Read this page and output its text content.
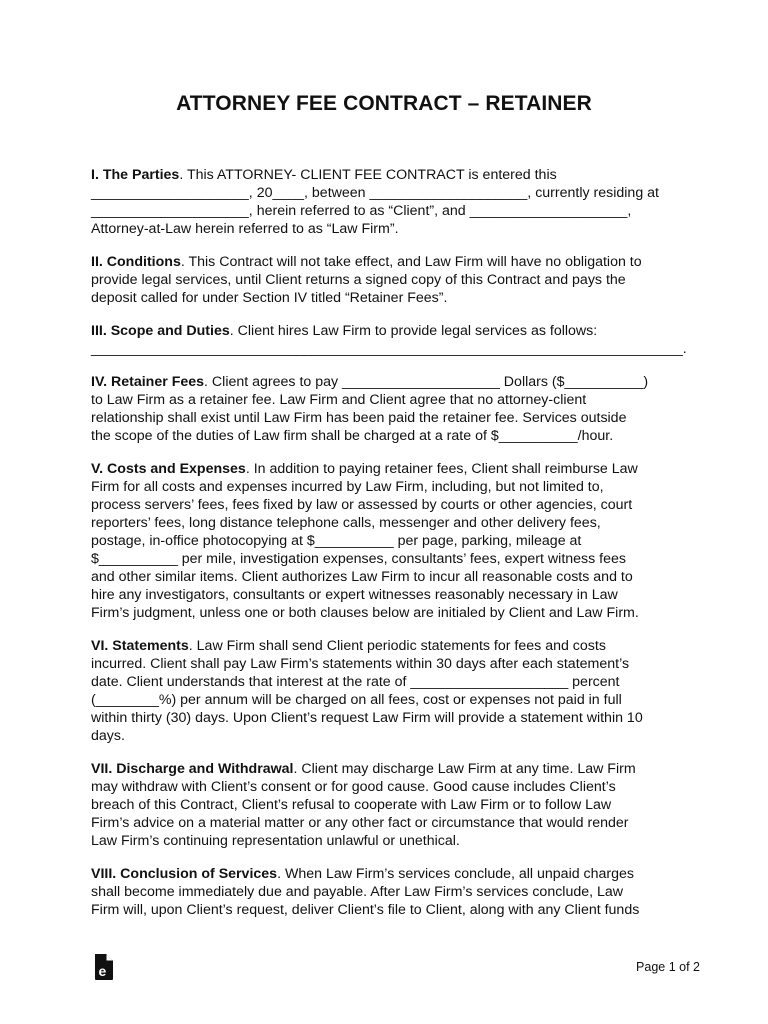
ATTORNEY FEE CONTRACT – RETAINER
I. The Parties. This ATTORNEY- CLIENT FEE CONTRACT is entered this
____________________, 20____, between ____________________, currently residing at
____________________, herein referred to as “Client”, and ____________________,
Attorney-at-Law herein referred to as “Law Firm”.
II. Conditions. This Contract will not take effect, and Law Firm will have no obligation to
provide legal services, until Client returns a signed copy of this Contract and pays the
deposit called for under Section IV titled “Retainer Fees”.
III. Scope and Duties. Client hires Law Firm to provide legal services as follows:
___________________________________________________________________________.
IV. Retainer Fees. Client agrees to pay ____________________ Dollars ($__________)
to Law Firm as a retainer fee. Law Firm and Client agree that no attorney-client
relationship shall exist until Law Firm has been paid the retainer fee. Services outside
the scope of the duties of Law firm shall be charged at a rate of $__________/hour.
V. Costs and Expenses. In addition to paying retainer fees, Client shall reimburse Law
Firm for all costs and expenses incurred by Law Firm, including, but not limited to,
process servers’ fees, fees fixed by law or assessed by courts or other agencies, court
reporters’ fees, long distance telephone calls, messenger and other delivery fees,
postage, in-office photocopying at $__________ per page, parking, mileage at
$__________ per mile, investigation expenses, consultants’ fees, expert witness fees
and other similar items. Client authorizes Law Firm to incur all reasonable costs and to
hire any investigators, consultants or expert witnesses reasonably necessary in Law
Firm’s judgment, unless one or both clauses below are initialed by Client and Law Firm.
VI. Statements. Law Firm shall send Client periodic statements for fees and costs
incurred. Client shall pay Law Firm’s statements within 30 days after each statement’s
date. Client understands that interest at the rate of ____________________ percent
(________%) per annum will be charged on all fees, cost or expenses not paid in full
within thirty (30) days. Upon Client’s request Law Firm will provide a statement within 10
days.
VII. Discharge and Withdrawal. Client may discharge Law Firm at any time. Law Firm
may withdraw with Client’s consent or for good cause. Good cause includes Client’s
breach of this Contract, Client’s refusal to cooperate with Law Firm or to follow Law
Firm’s advice on a material matter or any other fact or circumstance that would render
Law Firm’s continuing representation unlawful or unethical.
VIII. Conclusion of Services. When Law Firm’s services conclude, all unpaid charges
shall become immediately due and payable. After Law Firm’s services conclude, Law
Firm will, upon Client’s request, deliver Client’s file to Client, along with any Client funds
e	Page 1 of 2
